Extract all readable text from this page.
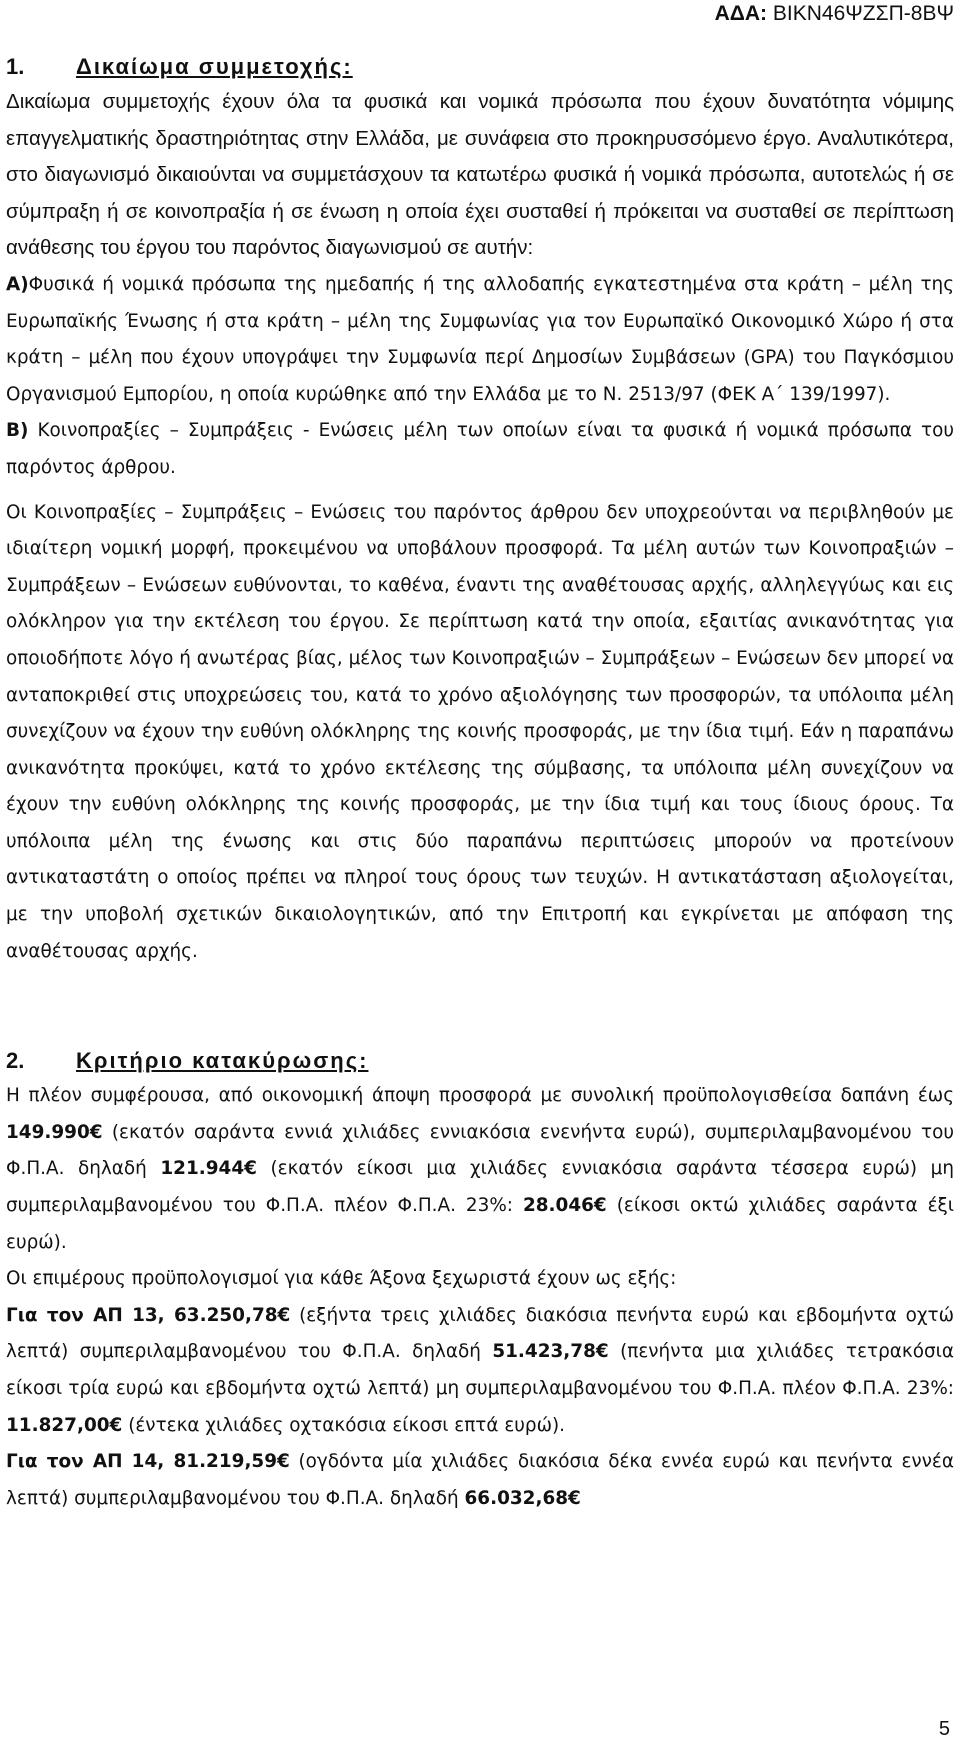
ΑΔΑ: ΒΙΚΝ46ΨΖΣΠ-8ΒΨ
1. Δικαίωμα συμμετοχής:

Δικαίωμα συμμετοχής έχουν όλα τα φυσικά και νομικά πρόσωπα που έχουν δυνατότητα νόμιμης επαγγελματικής δραστηριότητας στην Ελλάδα, με συνάφεια στο προκηρυσσόμενο έργο. Αναλυτικότερα, στο διαγωνισμό δικαιούνται να συμμετάσχουν τα κατωτέρω φυσικά ή νομικά πρόσωπα, αυτοτελώς ή σε σύμπραξη ή σε κοινοπραξία ή σε ένωση η οποία έχει συσταθεί ή πρόκειται να συσταθεί σε περίπτωση ανάθεσης του έργου του παρόντος διαγωνισμού σε αυτήν:

Α)Φυσικά ή νομικά πρόσωπα της ημεδαπής ή της αλλοδαπής εγκατεστημένα στα κράτη – μέλη της Ευρωπαϊκής Ένωσης ή στα κράτη – μέλη της Συμφωνίας για τον Ευρωπαϊκό Οικονομικό Χώρο ή στα κράτη – μέλη που έχουν υπογράψει την Συμφωνία περί Δημοσίων Συμβάσεων (GPA) του Παγκόσμιου Οργανισμού Εμπορίου, η οποία κυρώθηκε από την Ελλάδα με το Ν. 2513/97 (ΦΕΚ Α΄ 139/1997).

Β) Κοινοπραξίες – Συμπράξεις - Ενώσεις μέλη των οποίων είναι τα φυσικά ή νομικά πρόσωπα του παρόντος άρθρου.

Οι Κοινοπραξίες – Συμπράξεις – Ενώσεις του παρόντος άρθρου δεν υποχρεούνται να περιβληθούν με ιδιαίτερη νομική μορφή, προκειμένου να υποβάλουν προσφορά. Τα μέλη αυτών των Κοινοπραξιών – Συμπράξεων – Ενώσεων ευθύνονται, το καθένα, έναντι της αναθέτουσας αρχής, αλληλεγγύως και εις ολόκληρον για την εκτέλεση του έργου. Σε περίπτωση κατά την οποία, εξαιτίας ανικανότητας για οποιοδήποτε λόγο ή ανωτέρας βίας, μέλος των Κοινοπραξιών – Συμπράξεων – Ενώσεων δεν μπορεί να ανταποκριθεί στις υποχρεώσεις του, κατά το χρόνο αξιολόγησης των προσφορών, τα υπόλοιπα μέλη συνεχίζουν να έχουν την ευθύνη ολόκληρης της κοινής προσφοράς, με την ίδια τιμή. Εάν η παραπάνω ανικανότητα προκύψει, κατά το χρόνο εκτέλεσης της σύμβασης, τα υπόλοιπα μέλη συνεχίζουν να έχουν την ευθύνη ολόκληρης της κοινής προσφοράς, με την ίδια τιμή και τους ίδιους όρους. Τα υπόλοιπα μέλη της ένωσης και στις δύο παραπάνω περιπτώσεις μπορούν να προτείνουν αντικαταστάτη ο οποίος πρέπει να πληροί τους όρους των τευχών. Η αντικατάσταση αξιολογείται, με την υποβολή σχετικών δικαιολογητικών, από την Επιτροπή και εγκρίνεται με απόφαση της αναθέτουσας αρχής.

2. Κριτήριο κατακύρωσης:

Η πλέον συμφέρουσα, από οικονομική άποψη προσφορά με συνολική προϋπολογισθείσα δαπάνη έως 149.990€ (εκατόν σαράντα εννιά χιλιάδες εννιακόσια ενενήντα ευρώ), συμπεριλαμβανομένου του Φ.Π.Α. δηλαδή 121.944€ (εκατόν είκοσι μια χιλιάδες εννιακόσια σαράντα τέσσερα ευρώ) μη συμπεριλαμβανομένου του Φ.Π.Α. πλέον Φ.Π.Α. 23%: 28.046€ (είκοσι οκτώ χιλιάδες σαράντα έξι ευρώ).

Οι επιμέρους προϋπολογισμοί για κάθε Άξονα ξεχωριστά έχουν ως εξής:

Για τον ΑΠ 13, 63.250,78€ (εξήντα τρεις χιλιάδες διακόσια πενήντα ευρώ και εβδομήντα οχτώ λεπτά) συμπεριλαμβανομένου του Φ.Π.Α. δηλαδή 51.423,78€ (πενήντα μια χιλιάδες τετρακόσια είκοσι τρία ευρώ και εβδομήντα οχτώ λεπτά) μη συμπεριλαμβανομένου του Φ.Π.Α. πλέον Φ.Π.Α. 23%: 11.827,00€ (έντεκα χιλιάδες οχτακόσια είκοσι επτά ευρώ).

Για τον ΑΠ 14, 81.219,59€ (ογδόντα μία χιλιάδες διακόσια δέκα εννέα ευρώ και πενήντα εννέα λεπτά) συμπεριλαμβανομένου του Φ.Π.Α. δηλαδή 66.032,68€

5
